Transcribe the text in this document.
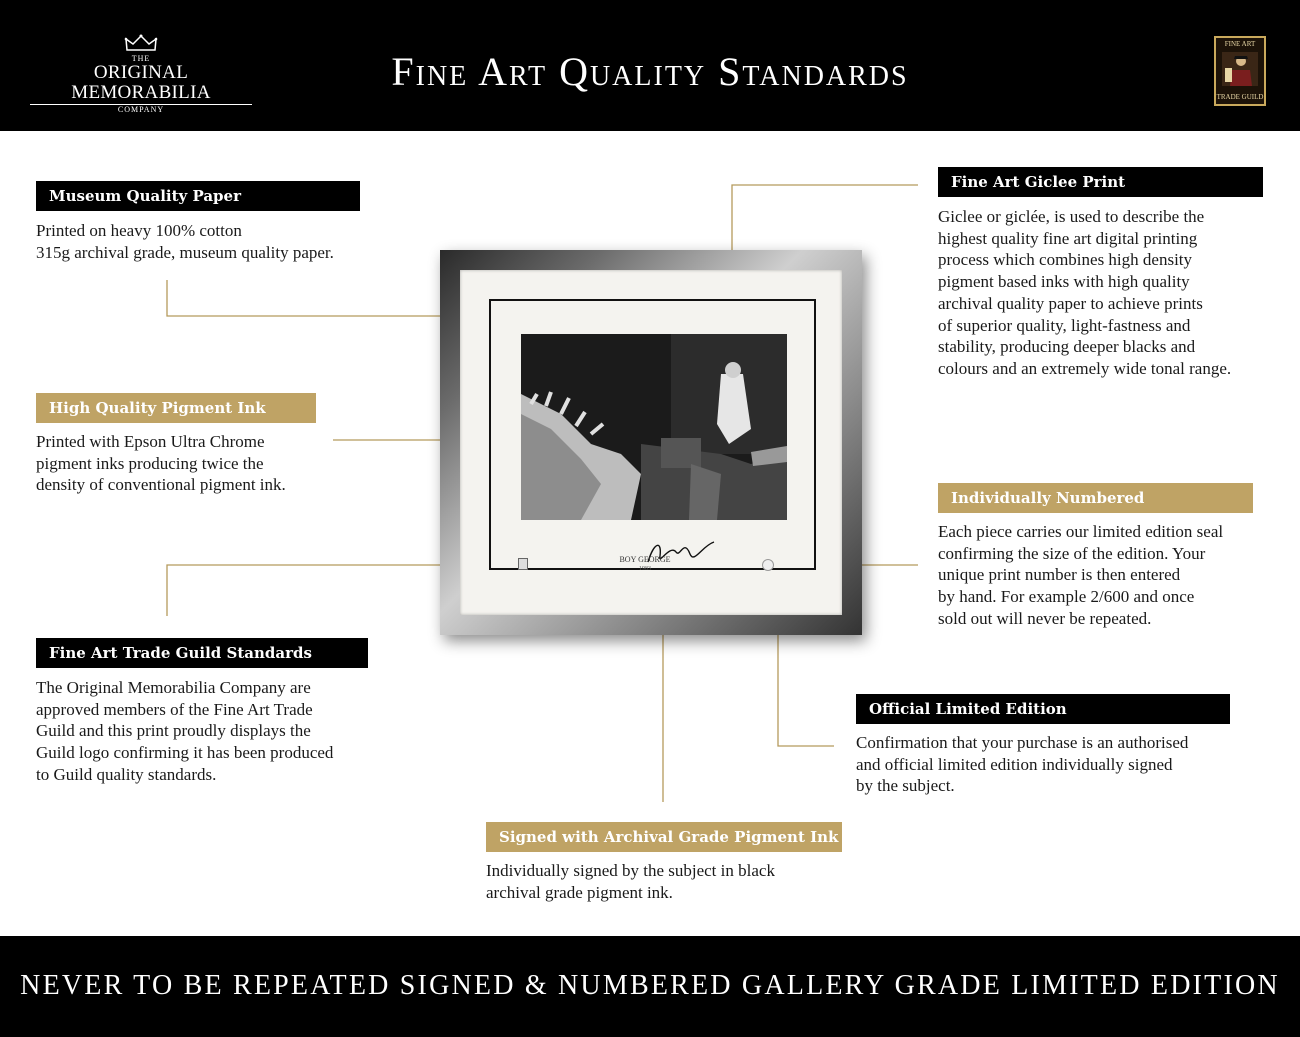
THE
ORIGINAL MEMORABILIA
COMPANY
Fine Art Quality Standards
FINE ART
TRADE GUILD
BOY GEORGE
1983
Museum Quality Paper
Printed on heavy 100% cotton
315g archival grade, museum quality paper.
High Quality Pigment Ink
Printed with Epson Ultra Chrome
pigment inks producing twice the
density of conventional pigment ink.
Fine Art Trade Guild Standards
The Original Memorabilia Company are
approved members of the Fine Art Trade
Guild and this print proudly displays the
Guild logo confirming it has been produced
to Guild quality standards.
Fine Art Giclee Print
Giclee or giclée, is used to describe the
highest quality fine art digital printing
process which combines high density
pigment based inks with high quality
archival quality paper to achieve prints
of superior quality, light-fastness and
stability, producing deeper blacks and
colours and an extremely wide tonal range.
Individually Numbered
Each piece carries our limited edition seal
confirming the size of the edition. Your
unique print number is then entered
by hand. For example 2/600 and once
sold out will never be repeated.
Official Limited Edition
Confirmation that your purchase is an authorised
and official limited edition individually signed
by the subject.
Signed with Archival Grade Pigment Ink
Individually signed by the subject in black
archival grade pigment ink.
NEVER TO BE REPEATED SIGNED & NUMBERED GALLERY GRADE LIMITED EDITION
